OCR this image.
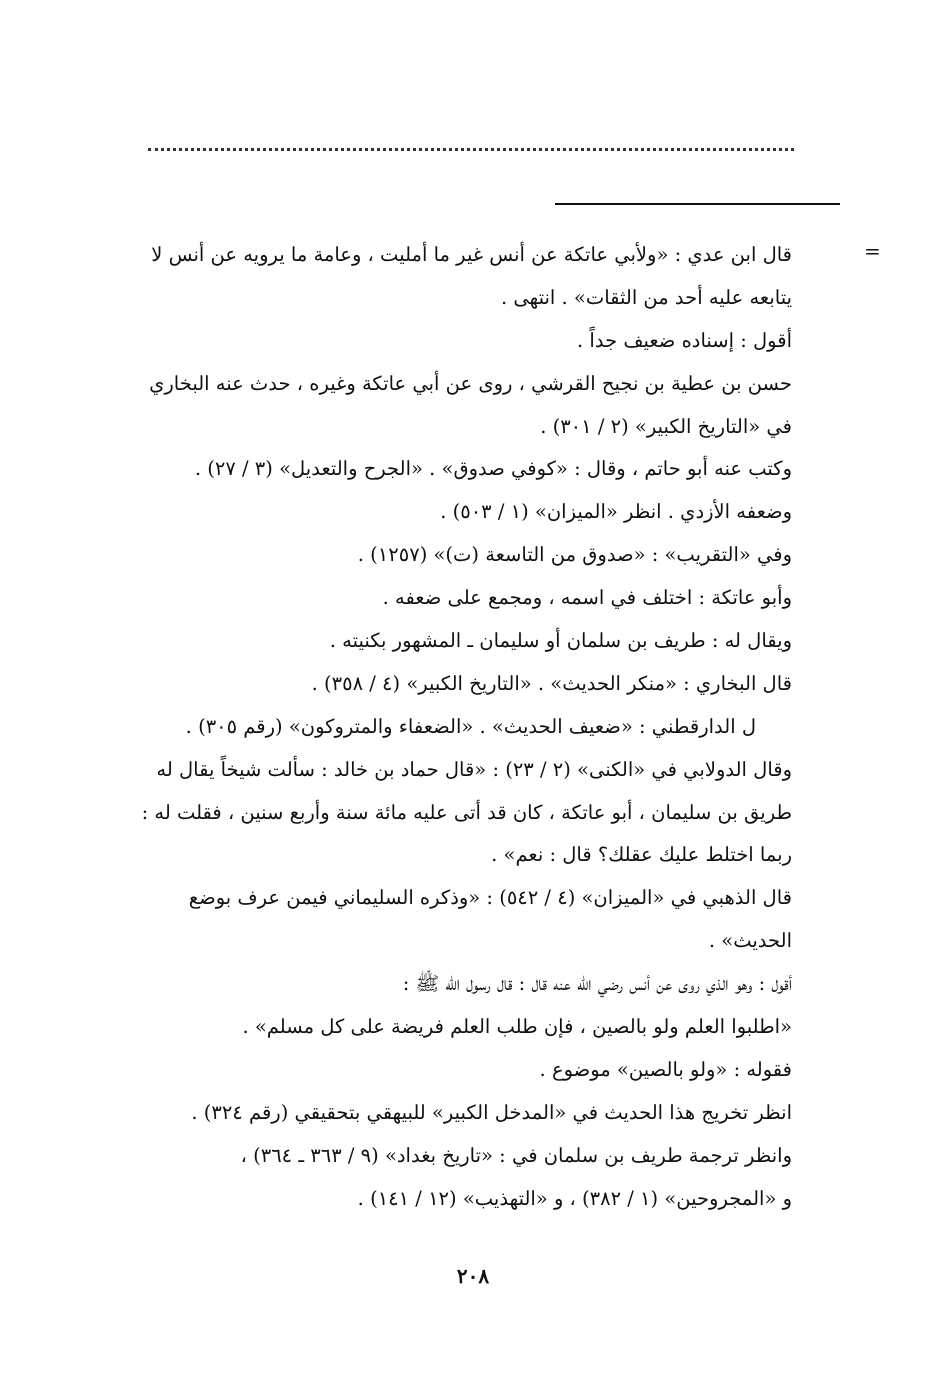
=
قال ابن عدي : «ولأبي عاتكة عن أنس غير ما أمليت ، وعامة ما يرويه عن أنس لا
يتابعه عليه أحد من الثقات» . انتهى .
أقول : إسناده ضعيف جداً .
حسن بن عطية بن نجيح القرشي ، روى عن أبي عاتكة وغيره ، حدث عنه البخاري
في «التاريخ الكبير» (٢ / ٣٠١) .
وكتب عنه أبو حاتم ، وقال : «كوفي صدوق» . «الجرح والتعديل» (٣ / ٢٧) .
وضعفه الأزدي . انظر «الميزان» (١ / ٥٠٣) .
وفي «التقريب» : «صدوق من التاسعة (ت)» (١٢٥٧) .
وأبو عاتكة : اختلف في اسمه ، ومجمع على ضعفه .
ويقال له : طريف بن سلمان أو سليمان ـ المشهور بكنيته .
قال البخاري : «منكر الحديث» . «التاريخ الكبير» (٤ / ٣٥٨) .
ل الدارقطني : «ضعيف الحديث» . «الضعفاء والمتروكون» (رقم ٣٠٥) .
وقال الدولابي في «الكنى» (٢ / ٢٣) : «قال حماد بن خالد : سألت شيخاً يقال له
طريق بن سليمان ، أبو عاتكة ، كان قد أتى عليه مائة سنة وأربع سنين ، فقلت له :
ربما اختلط عليك عقلك؟ قال : نعم» .
قال الذهبي في «الميزان» (٤ / ٥٤٢) : «وذكره السليماني فيمن عرف بوضع
الحديث» .
أقول : وهو الذي روى عن أنس رضي الله عنه قال : قال رسول الله ﷺ :
«اطلبوا العلم ولو بالصين ، فإن طلب العلم فريضة على كل مسلم» .
فقوله : «ولو بالصين» موضوع .
انظر تخريج هذا الحديث في «المدخل الكبير» للبيهقي بتحقيقي (رقم ٣٢٤) .
وانظر ترجمة طريف بن سلمان في : «تاريخ بغداد» (٩ / ٣٦٣ ـ ٣٦٤) ،
و «المجروحين» (١ / ٣٨٢) ، و «التهذيب» (١٢ / ١٤١) .
٢٠٨
